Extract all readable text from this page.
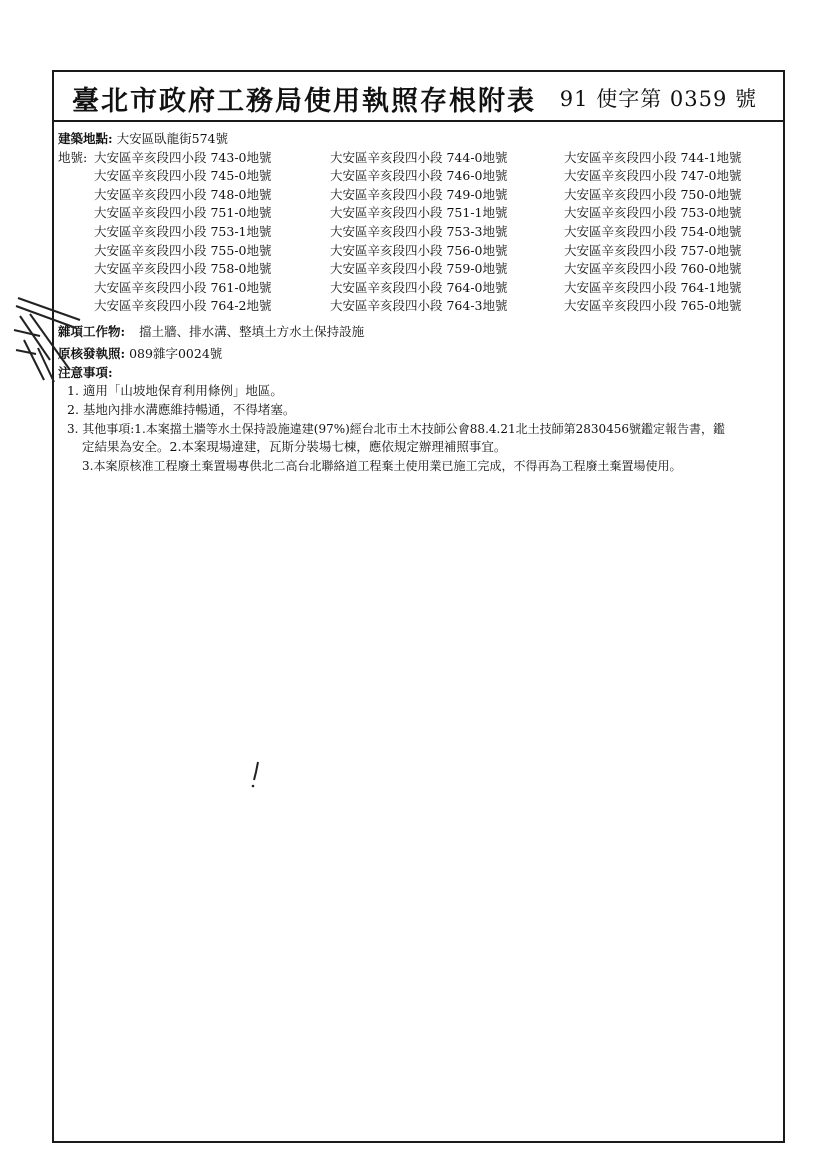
臺北市政府工務局使用執照存根附表 91 使字第 0359 號
建築地點: 大安區臥龍街574號
地號: 大安區辛亥段四小段 743-0地號	大安區辛亥段四小段 744-0地號	大安區辛亥段四小段 744-1地號
大安區辛亥段四小段 745-0地號	大安區辛亥段四小段 746-0地號	大安區辛亥段四小段 747-0地號
大安區辛亥段四小段 748-0地號	大安區辛亥段四小段 749-0地號	大安區辛亥段四小段 750-0地號
大安區辛亥段四小段 751-0地號	大安區辛亥段四小段 751-1地號	大安區辛亥段四小段 753-0地號
大安區辛亥段四小段 753-1地號	大安區辛亥段四小段 753-3地號	大安區辛亥段四小段 754-0地號
大安區辛亥段四小段 755-0地號	大安區辛亥段四小段 756-0地號	大安區辛亥段四小段 757-0地號
大安區辛亥段四小段 758-0地號	大安區辛亥段四小段 759-0地號	大安區辛亥段四小段 760-0地號
大安區辛亥段四小段 761-0地號	大安區辛亥段四小段 764-0地號	大安區辛亥段四小段 764-1地號
大安區辛亥段四小段 764-2地號	大安區辛亥段四小段 764-3地號	大安區辛亥段四小段 765-0地號
雜項工作物: 擋土牆、排水溝、整填土方水土保持設施
原核發執照: 089雜字0024號
注意事項:
1. 適用「山坡地保育利用條例」地區。
2. 基地內排水溝應維持暢通，不得堵塞。
3. 其他事項:1.本案擋土牆等水土保持設施違建(97%)經台北市土木技師公會88.4.21北土技師第2830456號鑑定報告書，鑑
定結果為安全。2.本案現場違建，瓦斯分裝場七棟，應依規定辦理補照事宜。
3.本案原核准工程廢土棄置場專供北二高台北聯絡道工程棄土使用業已施工完成，不得再為工程廢土棄置場使用。
